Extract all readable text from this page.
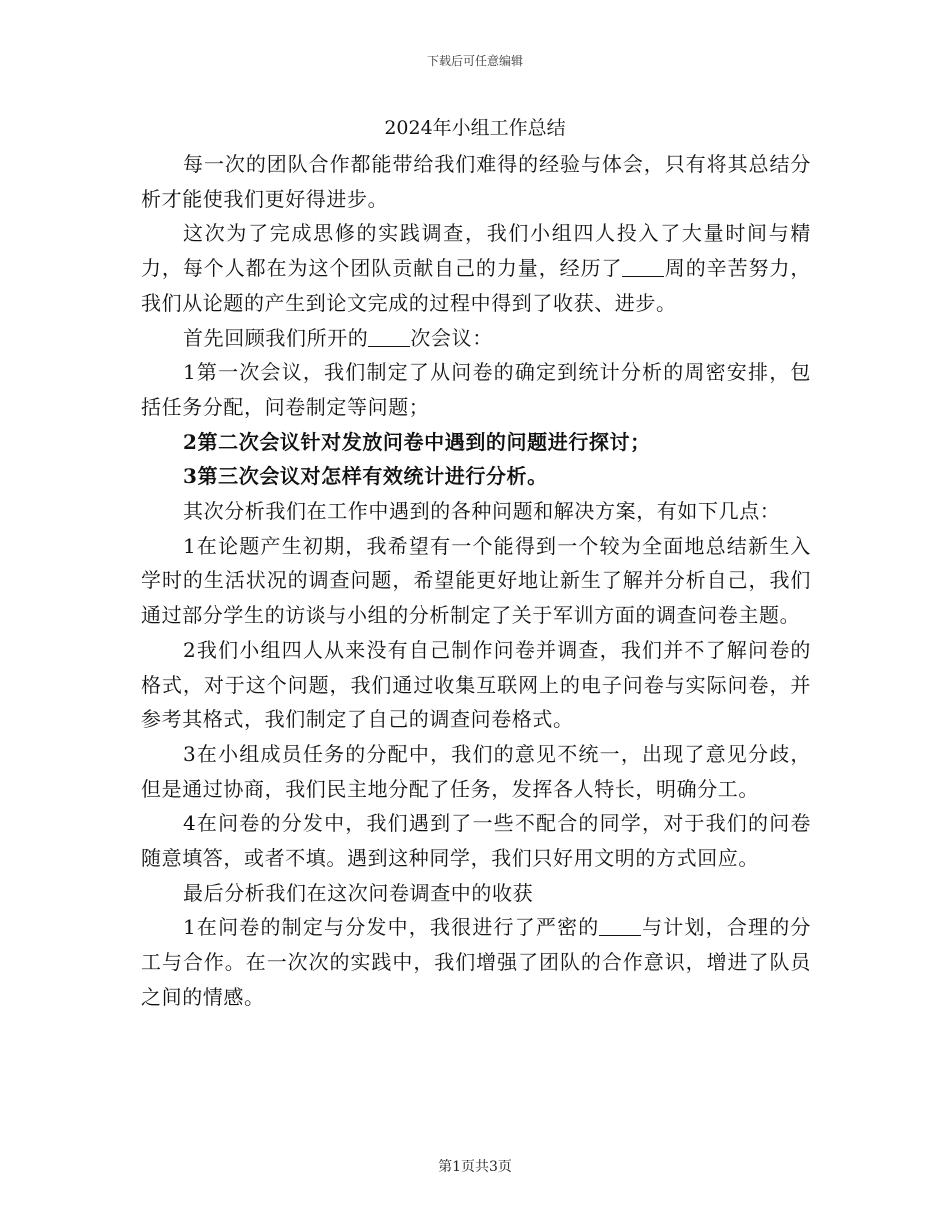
下载后可任意编辑
2024年小组工作总结

每一次的团队合作都能带给我们难得的经验与体会，只有将其总结分析才能使我们更好得进步。

这次为了完成思修的实践调查，我们小组四人投入了大量时间与精力，每个人都在为这个团队贡献自己的力量，经历了 周的辛苦努力，我们从论题的产生到论文完成的过程中得到了收获、进步。

首先回顾我们所开的 次会议：

1第一次会议，我们制定了从问卷的确定到统计分析的周密安排，包括任务分配，问卷制定等问题；

2第二次会议针对发放问卷中遇到的问题进行探讨；

3第三次会议对怎样有效统计进行分析。

其次分析我们在工作中遇到的各种问题和解决方案，有如下几点：

1在论题产生初期，我希望有一个能得到一个较为全面地总结新生入学时的生活状况的调查问题，希望能更好地让新生了解并分析自己，我们通过部分学生的访谈与小组的分析制定了关于军训方面的调查问卷主题。

2我们小组四人从来没有自己制作问卷并调查，我们并不了解问卷的格式，对于这个问题，我们通过收集互联网上的电子问卷与实际问卷，并参考其格式，我们制定了自己的调查问卷格式。

3在小组成员任务的分配中，我们的意见不统一，出现了意见分歧，但是通过协商，我们民主地分配了任务，发挥各人特长，明确分工。

4在问卷的分发中，我们遇到了一些不配合的同学，对于我们的问卷随意填答，或者不填。遇到这种同学，我们只好用文明的方式回应。

最后分析我们在这次问卷调查中的收获

1在问卷的制定与分发中，我很进行了严密的 与计划，合理的分工与合作。在一次次的实践中，我们增强了团队的合作意识，增进了队员之间的情感。

第1页共3页
